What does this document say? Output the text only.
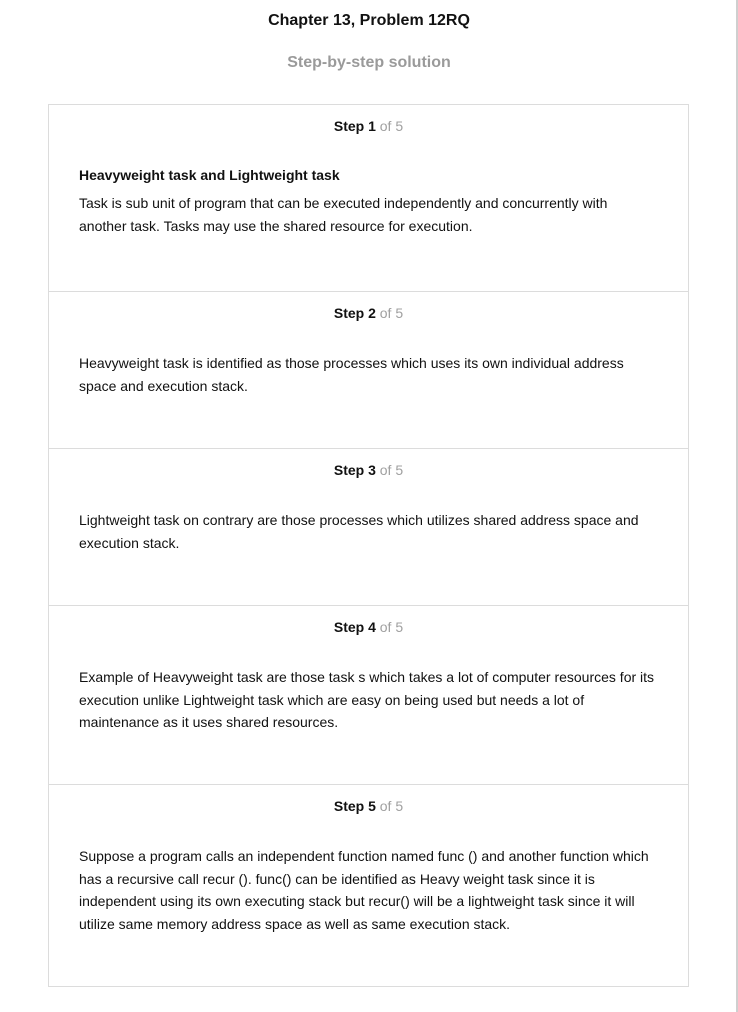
Chapter 13, Problem 12RQ
Step-by-step solution
Step 1 of 5
Heavyweight task and Lightweight task
Task is sub unit of program that can be executed independently and concurrently with another task. Tasks may use the shared resource for execution.
Step 2 of 5
Heavyweight task is identified as those processes which uses its own individual address space and execution stack.
Step 3 of 5
Lightweight task on contrary are those processes which utilizes shared address space and execution stack.
Step 4 of 5
Example of Heavyweight task are those task s which takes a lot of computer resources for its execution unlike Lightweight task which are easy on being used but needs a lot of maintenance as it uses shared resources.
Step 5 of 5
Suppose a program calls an independent function named func () and another function which has a recursive call recur (). func() can be identified as Heavy weight task since it is independent using its own executing stack but recur() will be a lightweight task since it will utilize same memory address space as well as same execution stack.
